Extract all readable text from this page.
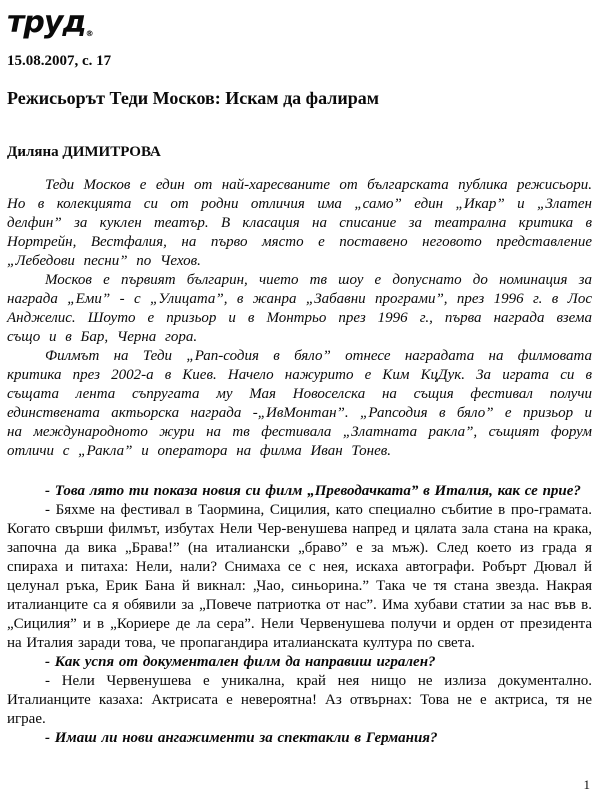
труд®
15.08.2007, с. 17
Режисьорът Теди Москов: Искам да фалирам
Диляна ДИМИТРОВА

Теди Москов е един от най-харесваните от българската публика режисьори. Но в колекцията си от родни отличия има „само” един „Икар” и „Златен делфин” за куклен театър. В класация на списание за театрална критика в Нортрейн, Вестфалия, на първо място е поставено неговото представление „Лебедови песни” по Чехов.

Москов е първият българин, чието тв шоу е допуснато до номинация за награда „Еми” - с „Улицата”, в жанра „Забавни програми”, през 1996 г. в Лос Анджелис. Шоуто е призьор и в Монтрьо през 1996 г., първа награда взема също и в Бар, Черна гора.

Филмът на Теди „Рап-содия в бяло” отнесе наградата на филмовата критика през 2002-а в Киев. Начело нажурито е Ким КцДук. За играта си в същата лента съпругата му Мая Новоселска на същия фестивал получи единствената актьорска награда -„ИвМонтан”. „Рапсодия в бяло” е призьор и на международното жури на тв фестивала „Златната ракла”, същият форум отличи с „Ракла” и оператора на филма Иван Тонев.

- Това лято ти показа новия си филм „Преводачката” в Италия, как се прие?

- Бяхме на фестивал в Таормина, Сицилия, като специално събитие в про-грамата. Когато свърши филмът, избутах Нели Чер-венушева напред и цялата зала стана на крака, започна да вика „Брава!” (на италиански „браво” е за мъж). След което из града я спираха и питаха: Нели, нали? Снимаха се с нея, искаха автографи. Робърт Дювал й целунал ръка, Ерик Бана й викнал: „Чао, синьорина.” Така че тя стана звезда. Накрая италианците са я обявили за „Повече патриотка от нас”. Има хубави статии за нас във в. „Сицилия” и в „Кориере де ла сера”. Нели Червенушева получи и орден от президента на Италия заради това, че пропагандира италианската култура по света.

- Как успя от документален филм да направиш игрален?

- Нели Червенушева е уникална, край нея нищо не излиза документално. Италианците казаха: Актрисата е невероятна! Аз отвърнах: Това не е актриса, тя не играе.

- Имаш ли нови ангажименти за спектакли в Германия?

1
